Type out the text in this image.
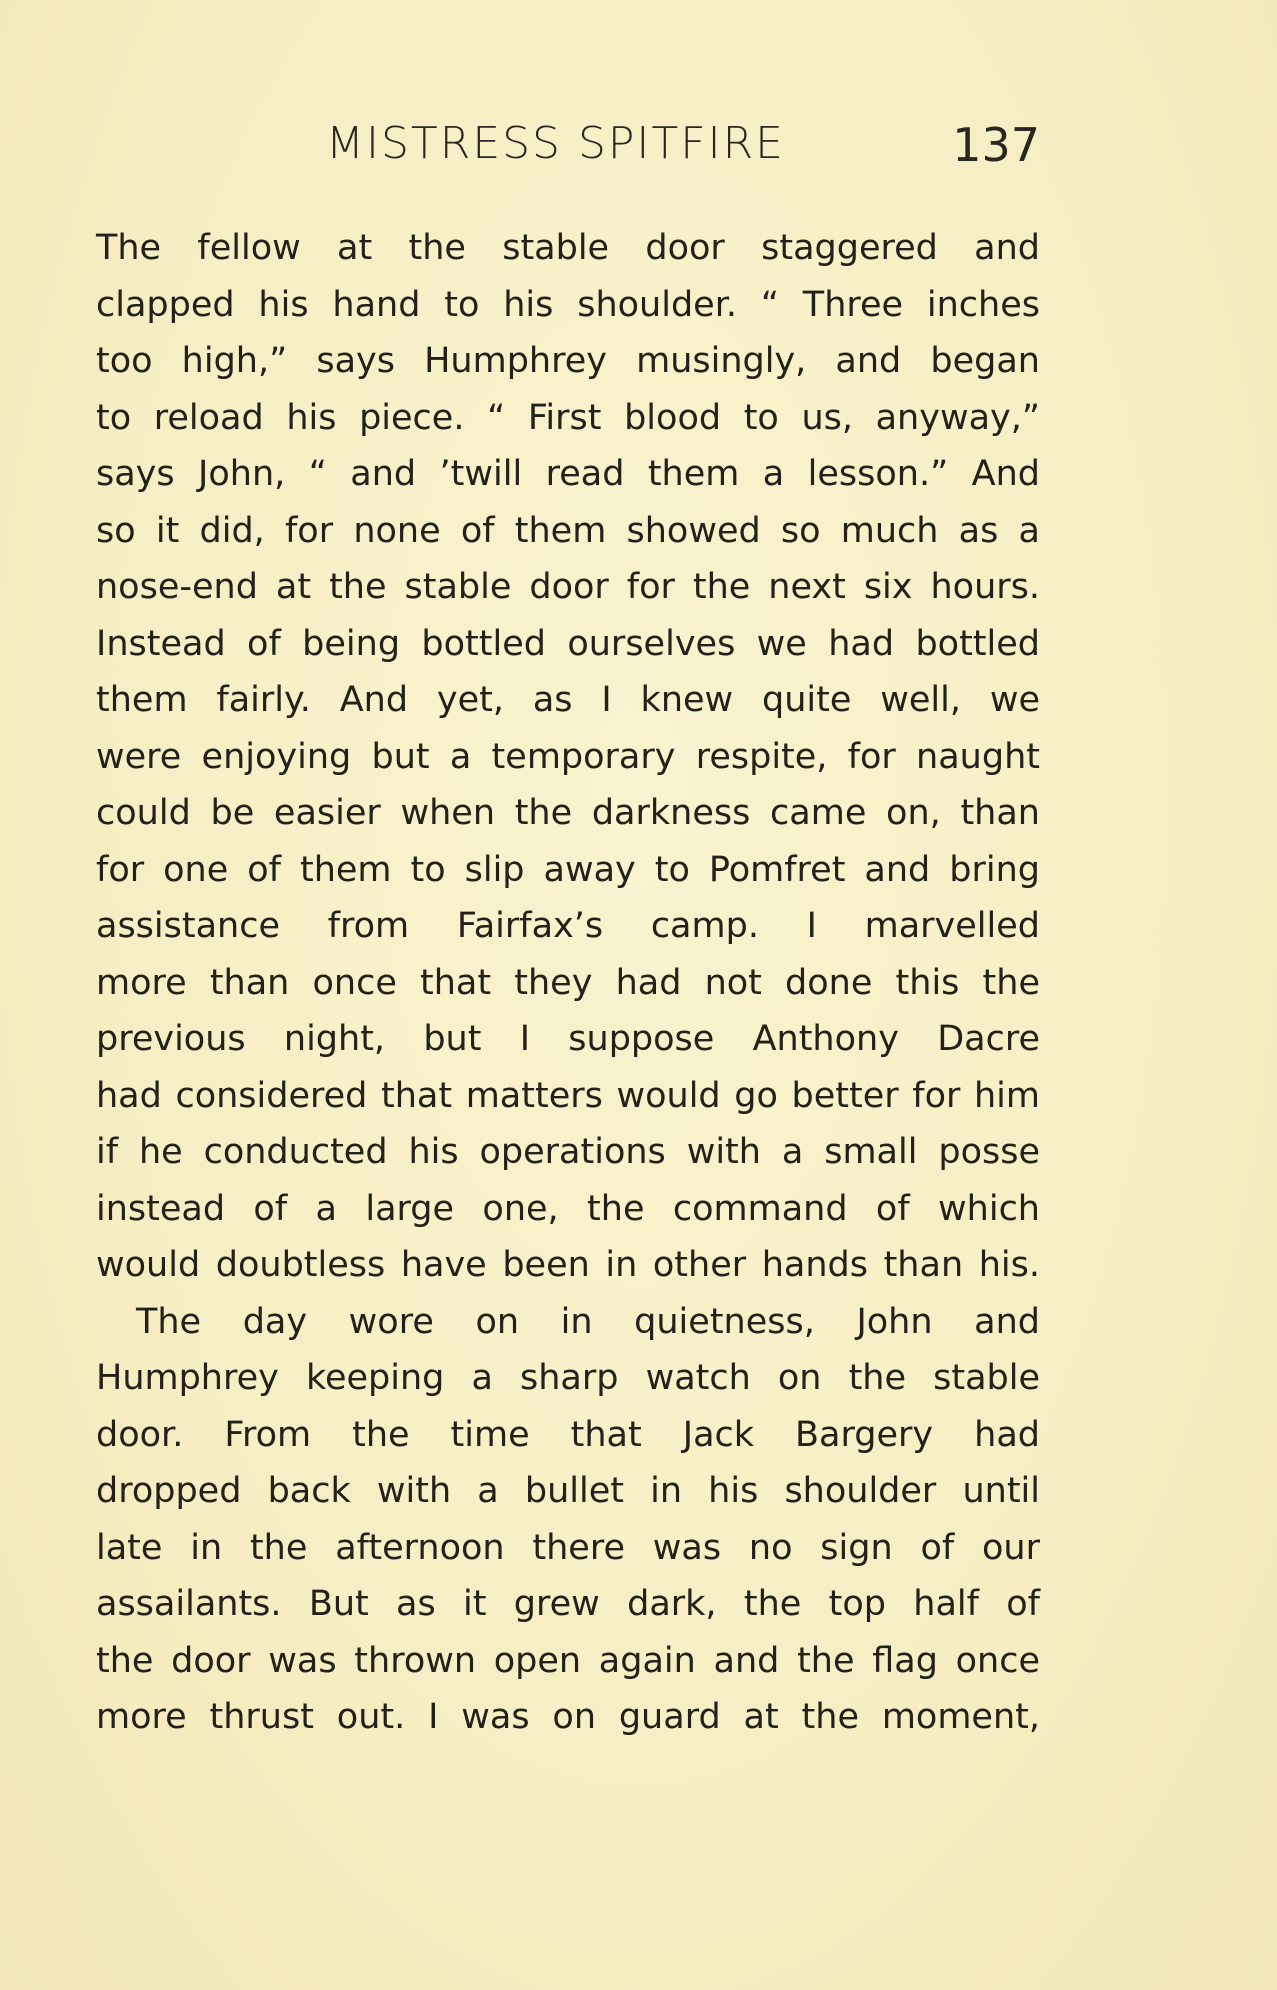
MISTRESS SPITFIRE	137
The fellow at the stable door staggered and
clapped his hand to his shoulder. “ Three inches
too high,” says Humphrey musingly, and began
to reload his piece. “ First blood to us, anyway,”
says John, “ and ’twill read them a lesson.” And
so it did, for none of them showed so much as a
nose-end at the stable door for the next six hours.
Instead of being bottled ourselves we had bottled
them fairly. And yet, as I knew quite well, we
were enjoying but a temporary respite, for naught
could be easier when the darkness came on, than
for one of them to slip away to Pomfret and bring
assistance from Fairfax’s camp. I marvelled
more than once that they had not done this the
previous night, but I suppose Anthony Dacre
had considered that matters would go better for him
if he conducted his operations with a small posse
instead of a large one, the command of which
would doubtless have been in other hands than his.
The day wore on in quietness, John and
Humphrey keeping a sharp watch on the stable
door. From the time that Jack Bargery had
dropped back with a bullet in his shoulder until
late in the afternoon there was no sign of our
assailants. But as it grew dark, the top half of
the door was thrown open again and the flag once
more thrust out. I was on guard at the moment,
